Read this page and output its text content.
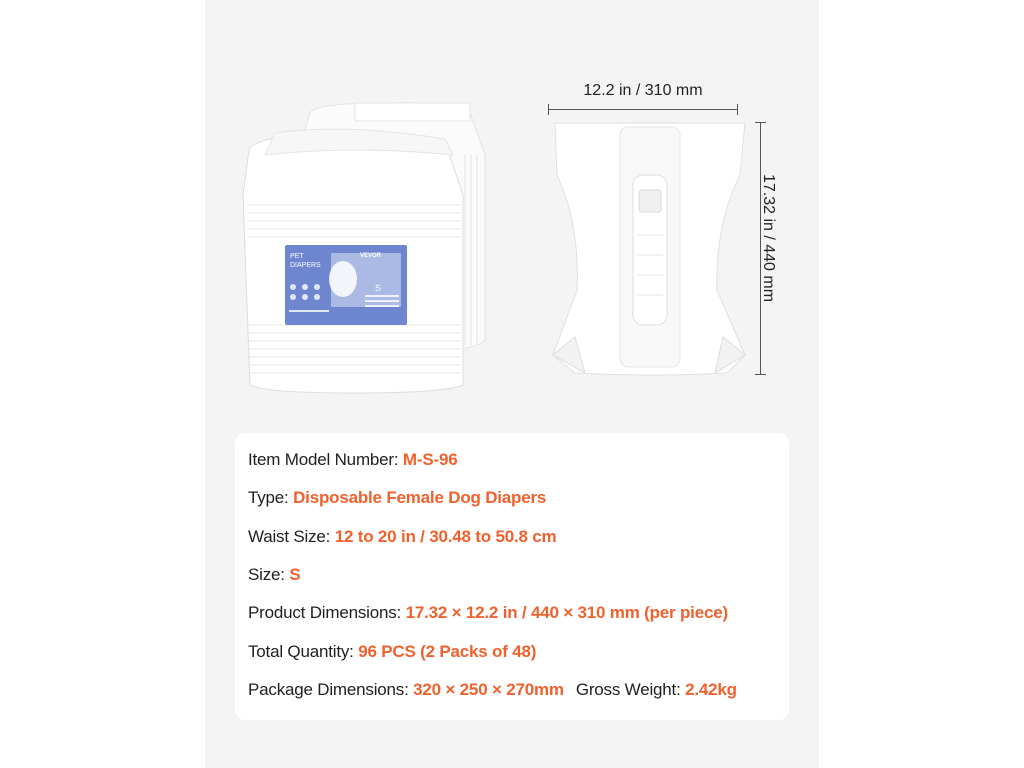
PET
DIAPERS
VEVOR
S
12.2 in / 310 mm
17.32 in / 440 mm
Item Model Number: M-S-96
Type: Disposable Female Dog Diapers
Waist Size: 12 to 20 in / 30.48 to 50.8 cm
Size: S
Product Dimensions: 17.32 × 12.2 in / 440 × 310 mm (per piece)
Total Quantity: 96 PCS (2 Packs of 48)
Package Dimensions: 320 × 250 × 270mm Gross Weight: 2.42kg
